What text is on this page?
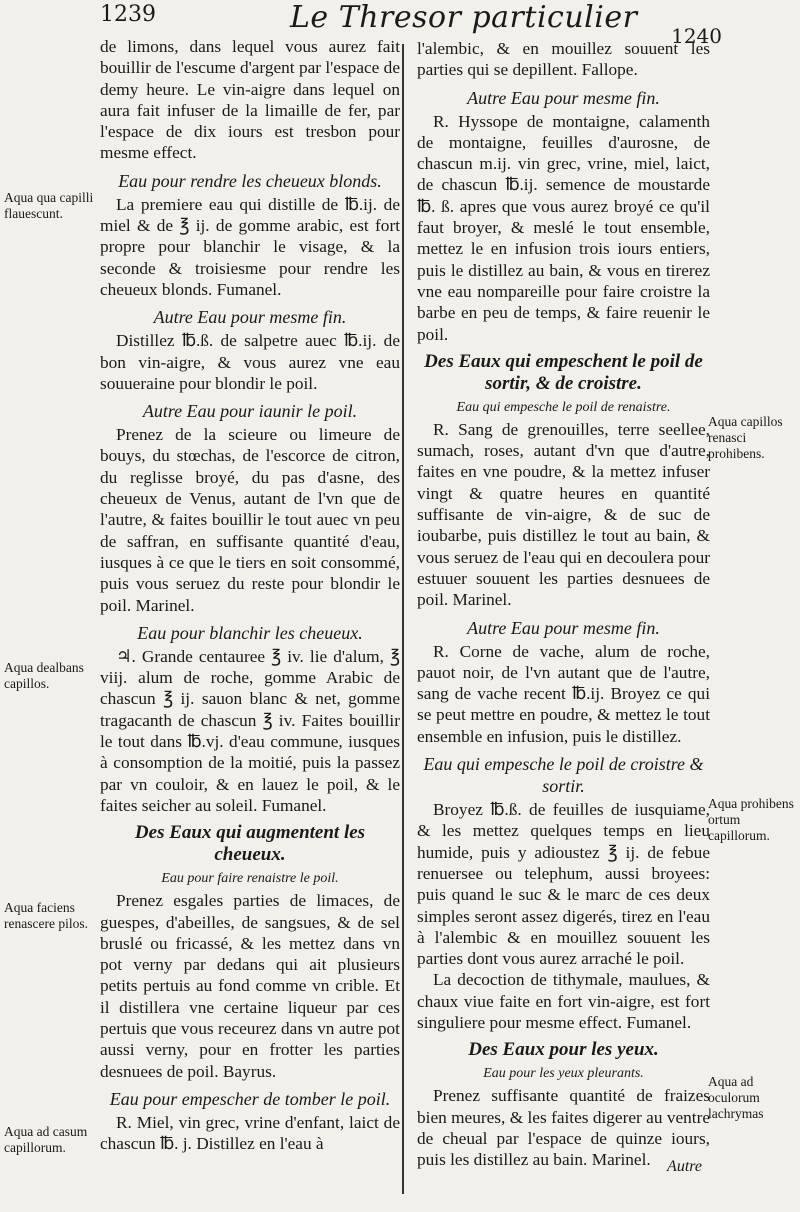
1239	Le Thresor particulier
1240

de limons, dans lequel vous aurez fait bouillir de l'escume d'argent par l'espace de demy heure. Le vin-aigre dans lequel on aura fait infuser de la limaille de fer, par l'espace de dix iours est tresbon pour mesme effect.

Eau pour rendre les cheueux blonds.

La premiere eau qui distille de ℔.ij. de miel & de ℥ ij. de gomme arabic, est fort propre pour blanchir le visage, & la seconde & troisiesme pour rendre les cheueux blonds. Fumanel.

Autre Eau pour mesme fin.

Distillez ℔.ß. de salpetre auec ℔.ij. de bon vin-aigre, & vous aurez vne eau souueraine pour blondir le poil.

Autre Eau pour iaunir le poil.

Prenez de la scieure ou limeure de bouys, du stœchas, de l'escorce de citron, du reglisse broyé, du pas d'asne, des cheueux de Venus, autant de l'vn que de l'autre, & faites bouillir le tout auec vn peu de saffran, en suffisante quantité d'eau, iusques à ce que le tiers en soit consommé, puis vous seruez du reste pour blondir le poil. Marinel.

Eau pour blanchir les cheueux.

♃. Grande centauree ℥ iv. lie d'alum, ℥ viij. alum de roche, gomme Arabic de chascun ℥ ij. sauon blanc & net, gomme tragacanth de chascun ℥ iv. Faites bouillir le tout dans ℔.vj. d'eau commune, iusques à consomption de la moitié, puis la passez par vn couloir, & en lauez le poil, & le faites seicher au soleil. Fumanel.

Des Eaux qui augmentent les cheueux.
Eau pour faire renaistre le poil.

Prenez esgales parties de limaces, de guespes, d'abeilles, de sangsues, & de sel bruslé ou fricassé, & les mettez dans vn pot verny par dedans qui ait plusieurs petits pertuis au fond comme vn crible. Et il distillera vne certaine liqueur par ces pertuis que vous receurez dans vn autre pot aussi verny, pour en frotter les parties desnuees de poil. Bayrus.

Eau pour empescher de tomber le poil.

R. Miel, vin grec, vrine d'enfant, laict de chascun ℔. j. Distillez en l'eau à

l'alembic, & en mouillez souuent les parties qui se depillent. Fallope.

Autre Eau pour mesme fin.

R. Hyssope de montaigne, calamenth de montaigne, feuilles d'aurosne, de chascun m.ij. vin grec, vrine, miel, laict, de chascun ℔.ij. semence de moustarde ℔. ß. apres que vous aurez broyé ce qu'il faut broyer, & meslé le tout ensemble, mettez le en infusion trois iours entiers, puis le distillez au bain, & vous en tirerez vne eau nompareille pour faire croistre la barbe en peu de temps, & faire reuenir le poil.

Des Eaux qui empeschent le poil de sortir, & de croistre.
Eau qui empesche le poil de renaistre.

R. Sang de grenouilles, terre seellee, sumach, roses, autant d'vn que d'autre, faites en vne poudre, & la mettez infuser vingt & quatre heures en quantité suffisante de vin-aigre, & de suc de ioubarbe, puis distillez le tout au bain, & vous seruez de l'eau qui en decoulera pour estuuer souuent les parties desnuees de poil. Marinel.

Autre Eau pour mesme fin.

R. Corne de vache, alum de roche, pauot noir, de l'vn autant que de l'autre, sang de vache recent ℔.ij. Broyez ce qui se peut mettre en poudre, & mettez le tout ensemble en infusion, puis le distillez.

Eau qui empesche le poil de croistre & sortir.

Broyez ℔.ß. de feuilles de iusquiame, & les mettez quelques temps en lieu humide, puis y adioustez ℥ ij. de febue renuersee ou telephum, aussi broyees: puis quand le suc & le marc de ces deux simples seront assez digerés, tirez en l'eau à l'alembic & en mouillez souuent les parties dont vous aurez arraché le poil.

La decoction de tithymale, maulues, & chaux viue faite en fort vin-aigre, est fort singuliere pour mesme effect. Fumanel.

Des Eaux pour les yeux.
Eau pour les yeux pleurants.

Prenez suffisante quantité de fraizes bien meures, & les faites digerer au ventre de cheual par l'espace de quinze iours, puis les distillez au bain. Marinel.

Aqua qua capilli flauescunt.
Aqua dealbans capillos.
Aqua faciens renascere pilos.
Aqua ad casum capillorum.
Aqua capillos renasci prohibens.
Aqua prohibens ortum capillorum.
Aqua ad oculorum lachrymas
Autre
